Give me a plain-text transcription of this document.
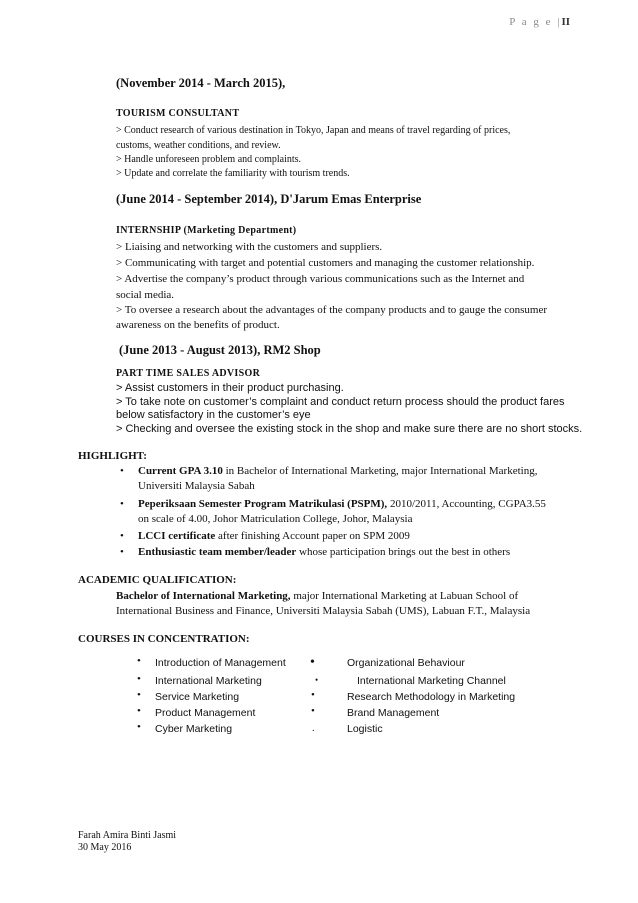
P a g e |II
(November 2014 - March 2015),
TOURISM CONSULTANT
> Conduct research of various destination in Tokyo, Japan and means of travel regarding of prices,
customs, weather conditions, and review.
> Handle unforeseen problem and complaints.
> Update and correlate the familiarity with tourism trends.
(June 2014 - September 2014), D'Jarum Emas Enterprise
INTERNSHIP (Marketing Department)
> Liaising and networking with the customers and suppliers.
> Communicating with target and potential customers and managing the customer relationship.
> Advertise the company’s product through various communications such as the Internet and
social media.
> To oversee a research about the advantages of the company products and to gauge the consumer
awareness on the benefits of product.
(June 2013 - August 2013), RM2 Shop
PART TIME SALES ADVISOR
> Assist customers in their product purchasing.
> To take note on customer’s complaint and conduct return process should the product fares
below satisfactory in the customer’s eye
> Checking and oversee the existing stock in the shop and make sure there are no short stocks.
HIGHLIGHT:
• Current GPA 3.10 in Bachelor of International Marketing, major International Marketing,
Universiti Malaysia Sabah
• Peperiksaan Semester Program Matrikulasi (PSPM), 2010/2011, Accounting, CGPA3.55
on scale of 4.00, Johor Matriculation College, Johor, Malaysia
• LCCI certificate after finishing Account paper on SPM 2009
• Enthusiastic team member/leader whose participation brings out the best in others
ACADEMIC QUALIFICATION:
Bachelor of International Marketing, major International Marketing at Labuan School of
International Business and Finance, Universiti Malaysia Sabah (UMS), Labuan F.T., Malaysia
COURSES IN CONCENTRATION:
• Introduction of Management
• International Marketing
• Service Marketing
• Product Management
• Cyber Marketing
•	Organizational Behaviour
•	International Marketing Channel
•	Research Methodology in Marketing
•	Brand Management
.	Logistic
Farah Amira Binti Jasmi
30 May 2016
